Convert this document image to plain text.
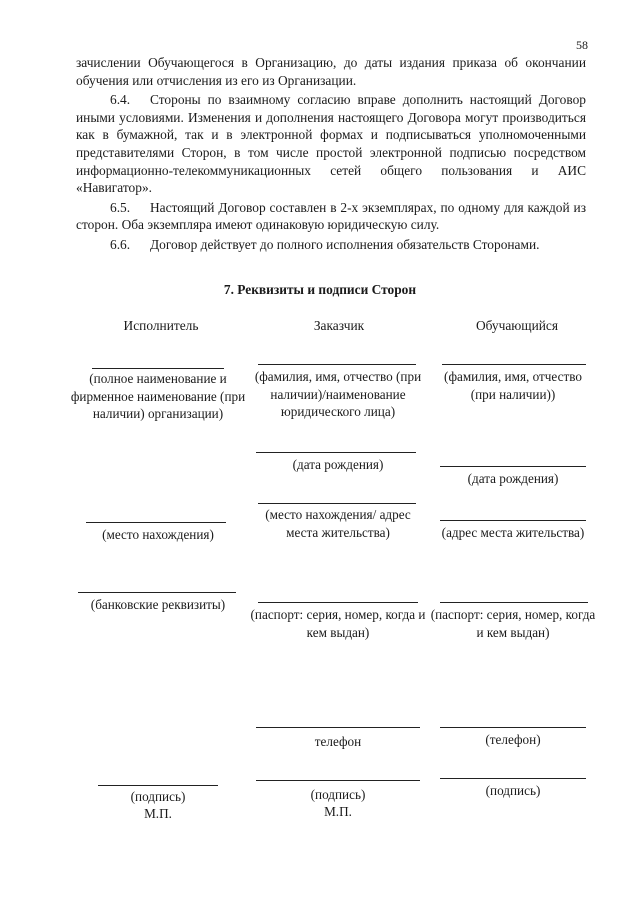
58

зачислении Обучающегося в Организацию, до даты издания приказа об окончании обучения или отчисления из его из Организации.

6.4. Стороны по взаимному согласию вправе дополнить настоящий Договор иными условиями. Изменения и дополнения настоящего Договора могут производиться как в бумажной, так и в электронной формах и подписываться уполномоченными представителями Сторон, в том числе простой электронной подписью посредством информационно-телекоммуникационных сетей общего пользования и АИС «Навигатор».

6.5. Настоящий Договор составлен в 2-х экземплярах, по одному для каждой из сторон. Оба экземпляра имеют одинаковую юридическую силу.

6.6. Договор действует до полного исполнения обязательств Сторонами.

7. Реквизиты и подписи Сторон
Исполнитель	Заказчик	Обучающийся
(полное наименование и фирменное наименование (при наличии) организации)
(место нахождения)
(банковские реквизиты)
(подпись)
М.П.
(фамилия, имя, отчество (при наличии)/наименование юридического лица)
(дата рождения)
(место нахождения/ адрес места жительства)
(паспорт: серия, номер, когда и кем выдан)
телефон
(подпись)
М.П.
(фамилия, имя, отчество (при наличии))
(дата рождения)
(адрес места жительства)
(паспорт: серия, номер, когда и кем выдан)
(телефон)
(подпись)
